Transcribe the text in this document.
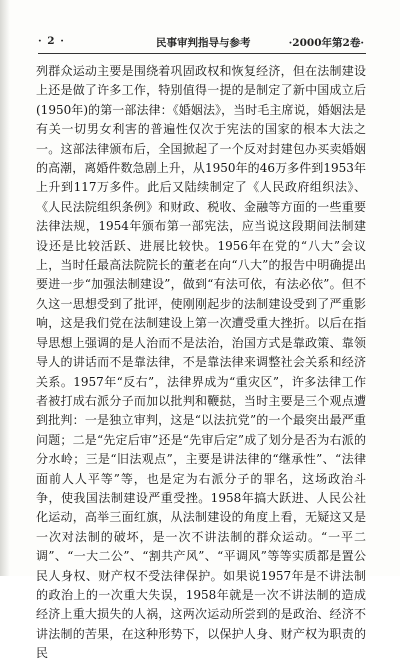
· 2 ·	民事审判指导与参考	·2000年第2卷·

列群众运动主要是围绕着巩固政权和恢复经济，但在法制建设上还是做了许多工作，特别值得一提的是制定了新中国成立后(1950年)的第一部法律：《婚姻法》，当时毛主席说，婚姻法是有关一切男女利害的普遍性仅次于宪法的国家的根本大法之一。这部法律颁布后，全国掀起了一个反对封建包办买卖婚姻的高潮，离婚件数急剧上升，从1950年的46万多件到1953年上升到117万多件。此后又陆续制定了《人民政府组织法》、《人民法院组织条例》和财政、税收、金融等方面的一些重要法律法规，1954年颁布第一部宪法，应当说这段期间法制建设还是比较活跃、进展比较快。1956年在党的“八大”会议上，当时任最高法院院长的董老在向“八大”的报告中明确提出要进一步“加强法制建设”，做到“有法可依，有法必依”。但不久这一思想受到了批评，使刚刚起步的法制建设受到了严重影响，这是我们党在法制建设上第一次遭受重大挫折。以后在指导思想上强调的是人治而不是法治，治国方式是靠政策、靠领导人的讲话而不是靠法律，不是靠法律来调整社会关系和经济关系。1957年“反右”，法律界成为“重灾区”，许多法律工作者被打成右派分子而加以批判和鞭挞，当时主要是三个观点遭到批判：一是独立审判，这是“以法抗党”的一个最突出最严重问题；二是“先定后审”还是“先审后定”成了划分是否为右派的分水岭；三是“旧法观点”，主要是讲法律的“继承性”、“法律面前人人平等”等，也是定为右派分子的罪名，这场政治斗争，使我国法制建设严重受挫。1958年搞大跃进、人民公社化运动，高举三面红旗，从法制建设的角度上看，无疑这又是一次对法制的破坏，是一次不讲法制的群众运动。“一平二调”、“一大二公”、“割共产风”、“平调风”等等实质都是置公民人身权、财产权不受法律保护。如果说1957年是不讲法制的政治上的一次重大失误，1958年就是一次不讲法制的造成经济上重大损失的人祸，这两次运动所尝到的是政治、经济不讲法制的苦果，在这种形势下，以保护人身、财产权为职责的民
